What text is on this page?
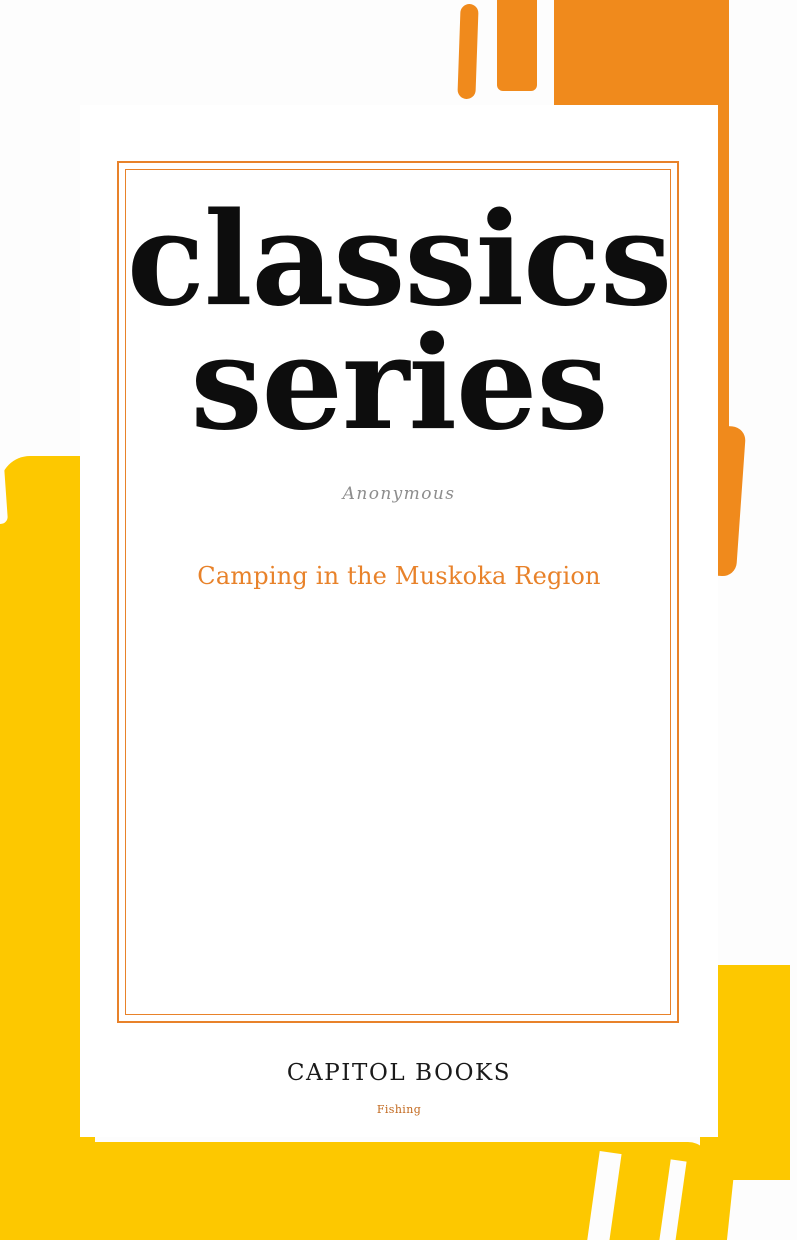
classics
series

Anonymous

Camping in the Muskoka Region

CAPITOL BOOKS
Fishing
